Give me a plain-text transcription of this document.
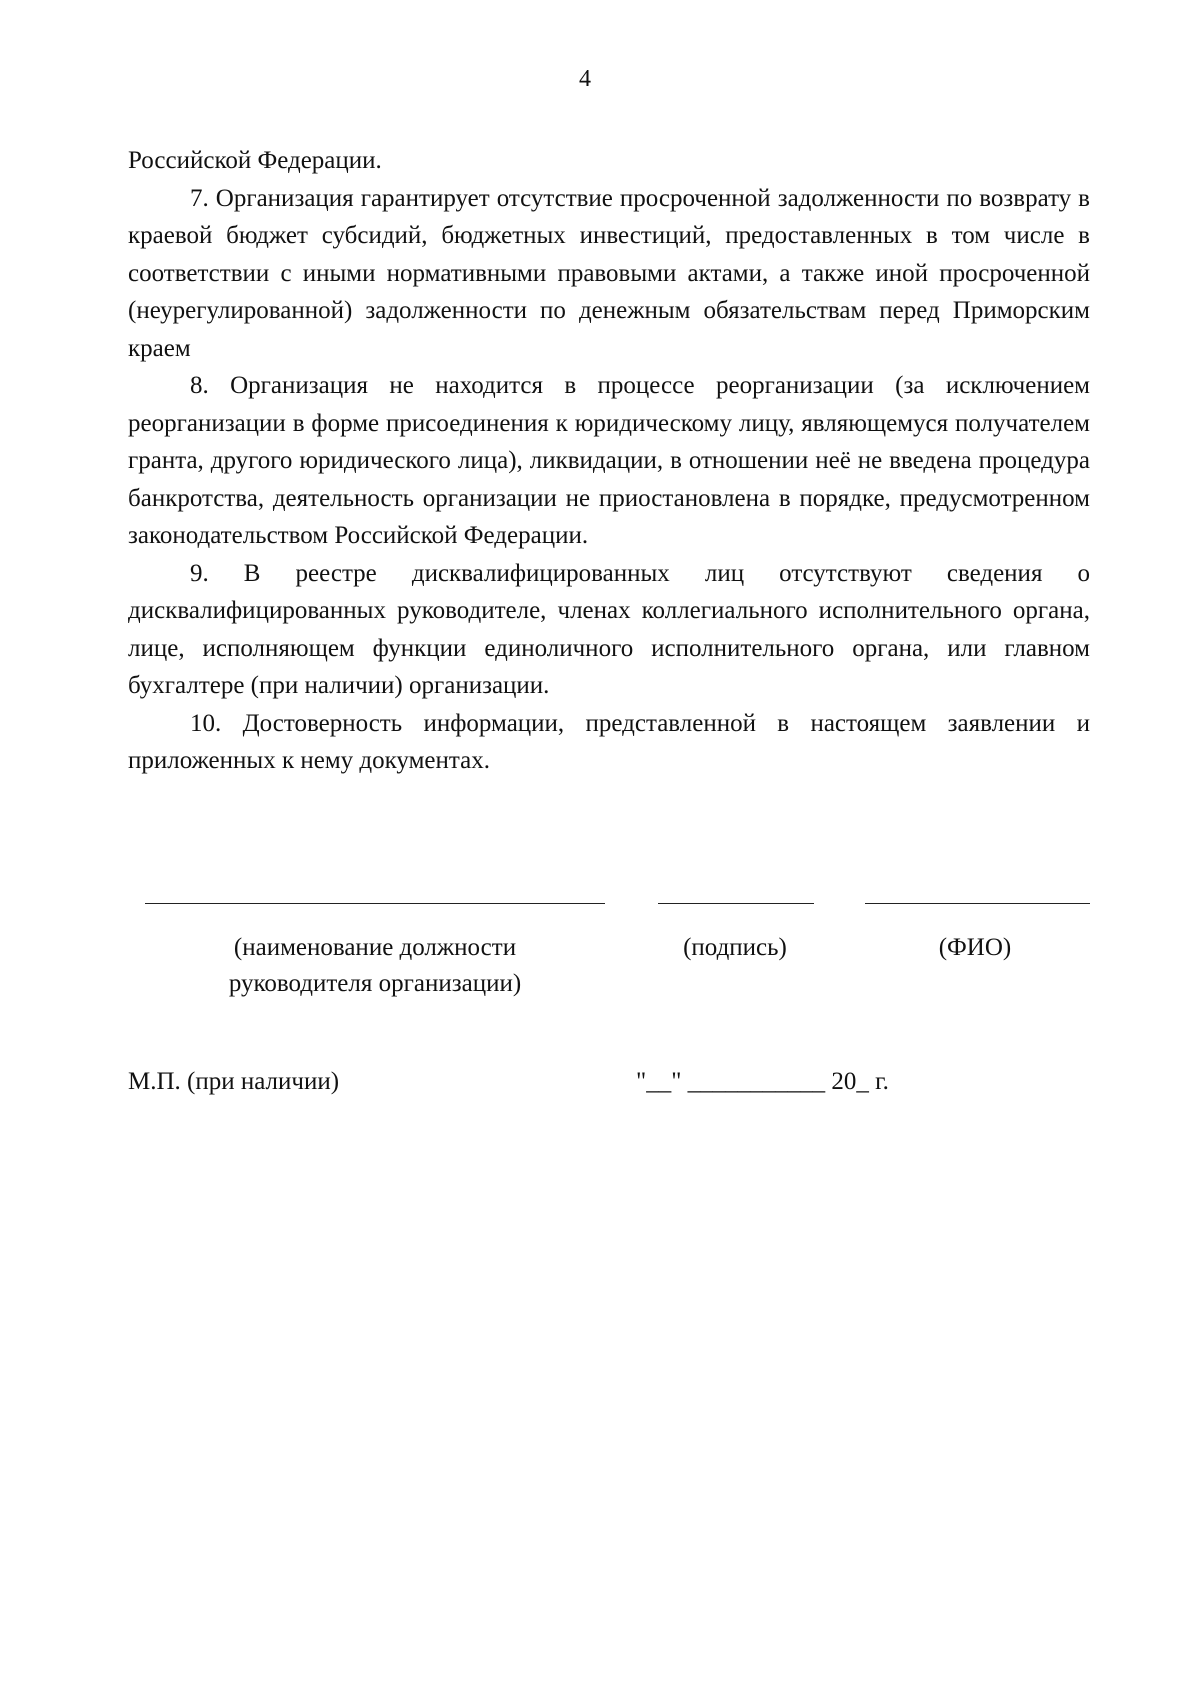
4

Российской Федерации.

7. Организация гарантирует отсутствие просроченной задолженности по возврату в краевой бюджет субсидий, бюджетных инвестиций, предоставленных в том числе в соответствии с иными нормативными правовыми актами, а также иной просроченной (неурегулированной) задолженности по денежным обязательствам перед Приморским краем

8. Организация не находится в процессе реорганизации (за исключением реорганизации в форме присоединения к юридическому лицу, являющемуся получателем гранта, другого юридического лица), ликвидации, в отношении неё не введена процедура банкротства, деятельность организации не приостановлена в порядке, предусмотренном законодательством Российской Федерации.

9. В реестре дисквалифицированных лиц отсутствуют сведения о дисквалифицированных руководителе, членах коллегиального исполнительного органа, лице, исполняющем функции единоличного исполнительного органа, или главном бухгалтере (при наличии) организации.

10. Достоверность информации, представленной в настоящем заявлении и приложенных к нему документах.

(наименование должности
руководителя организации)
(подпись)	(ФИО)
М.П. (при наличии)	"__" ___________ 20_ г.
